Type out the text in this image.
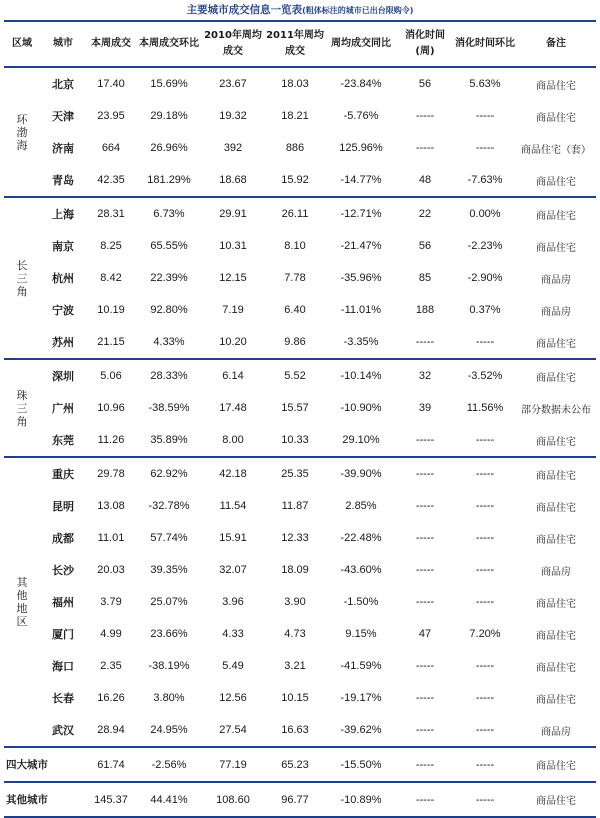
主要城市成交信息一览表(粗体标注的城市已出台限购令)
区域	城市	本周成交	本周成交环比	2010年周均成交	2011年周均成交	周均成交同比	消化时间(周)	消化时间环比	备注
环渤海	北京	17.40	15.69%	23.67	18.03	-23.84%	56	5.63%	商品住宅
	天津	23.95	29.18%	19.32	18.21	-5.76%	-----	-----	商品住宅
	济南	664	26.96%	392	886	125.96%	-----	-----	商品住宅（套）
	青岛	42.35	181.29%	18.68	15.92	-14.77%	48	-7.63%	商品住宅
长三角	上海	28.31	6.73%	29.91	26.11	-12.71%	22	0.00%	商品住宅
	南京	8.25	65.55%	10.31	8.10	-21.47%	56	-2.23%	商品住宅
	杭州	8.42	22.39%	12.15	7.78	-35.96%	85	-2.90%	商品房
	宁波	10.19	92.80%	7.19	6.40	-11.01%	188	0.37%	商品房
	苏州	21.15	4.33%	10.20	9.86	-3.35%	-----	-----	商品住宅
珠三角	深圳	5.06	28.33%	6.14	5.52	-10.14%	32	-3.52%	商品住宅
	广州	10.96	-38.59%	17.48	15.57	-10.90%	39	11.56%	部分数据未公布
	东莞	11.26	35.89%	8.00	10.33	29.10%	-----	-----	商品住宅
其他地区	重庆	29.78	62.92%	42.18	25.35	-39.90%	-----	-----	商品住宅
	昆明	13.08	-32.78%	11.54	11.87	2.85%	-----	-----	商品住宅
	成都	11.01	57.74%	15.91	12.33	-22.48%	-----	-----	商品住宅
	长沙	20.03	39.35%	32.07	18.09	-43.60%	-----	-----	商品房
	福州	3.79	25.07%	3.96	3.90	-1.50%	-----	-----	商品住宅
	厦门	4.99	23.66%	4.33	4.73	9.15%	47	7.20%	商品住宅
	海口	2.35	-38.19%	5.49	3.21	-41.59%	-----	-----	商品住宅
	长春	16.26	3.80%	12.56	10.15	-19.17%	-----	-----	商品住宅
	武汉	28.94	24.95%	27.54	16.63	-39.62%	-----	-----	商品房
四大城市		61.74	-2.56%	77.19	65.23	-15.50%	-----	-----	商品住宅
其他城市		145.37	44.41%	108.60	96.77	-10.89%	-----	-----	商品住宅
